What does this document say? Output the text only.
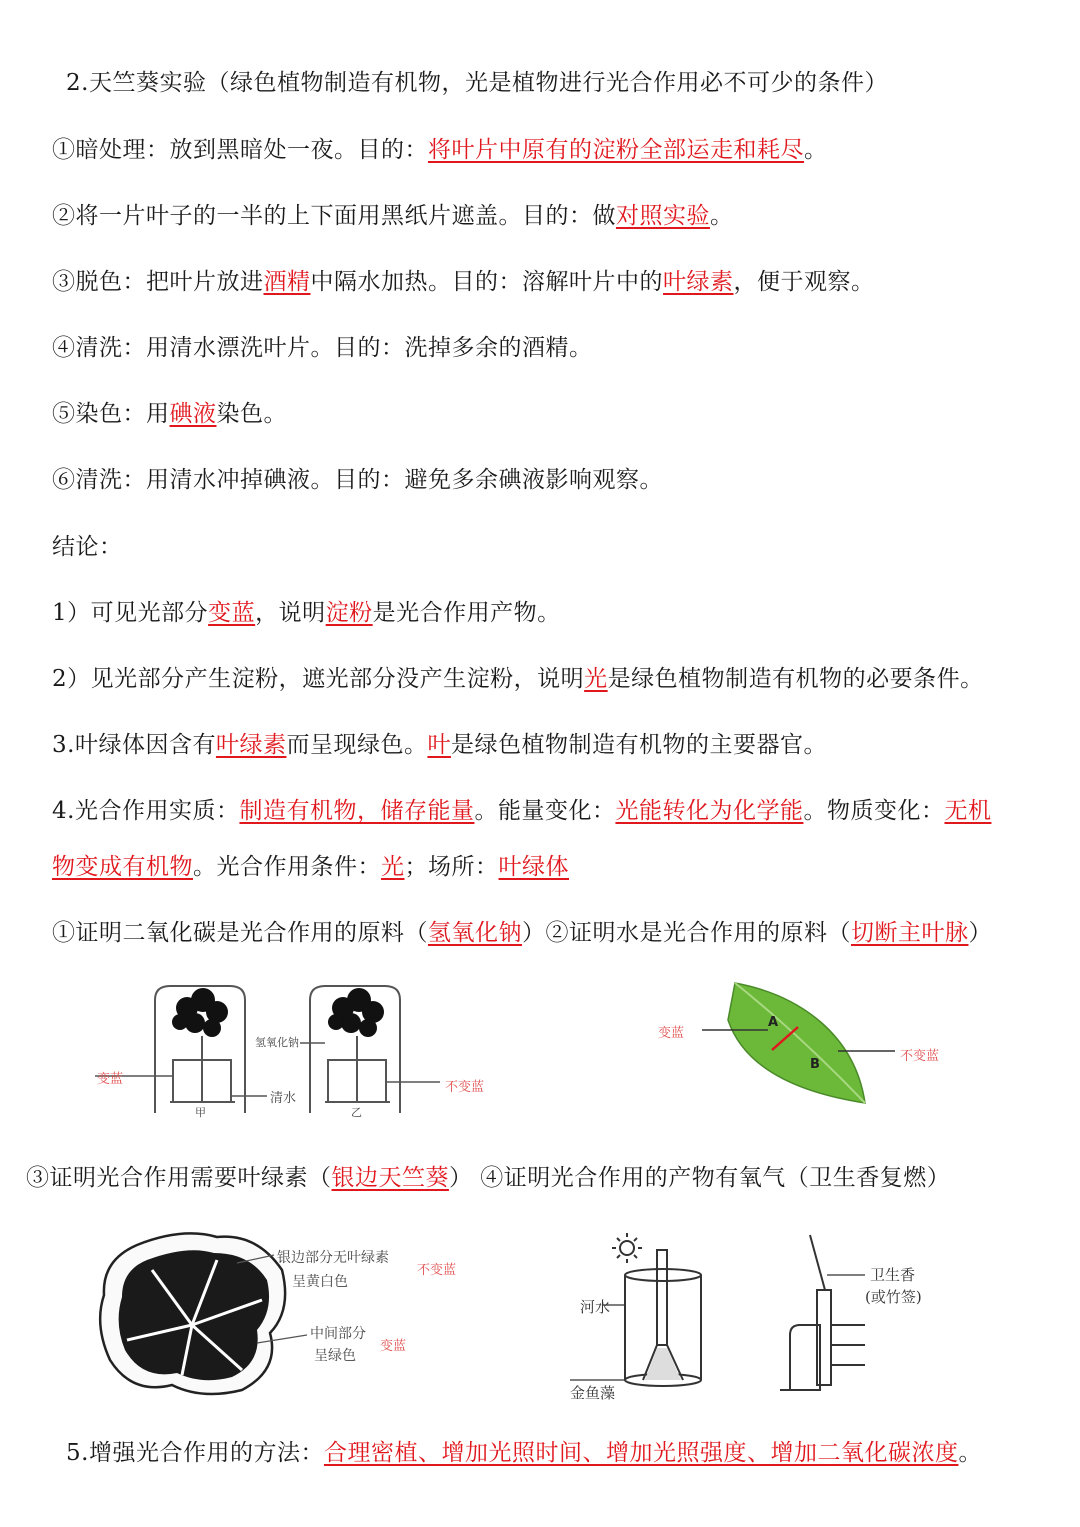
2.天竺葵实验（绿色植物制造有机物，光是植物进行光合作用必不可少的条件）
①暗处理：放到黑暗处一夜。目的：将叶片中原有的淀粉全部运走和耗尽。
②将一片叶子的一半的上下面用黑纸片遮盖。目的：做对照实验。
③脱色：把叶片放进酒精中隔水加热。目的：溶解叶片中的叶绿素，便于观察。
④清洗：用清水漂洗叶片。目的：洗掉多余的酒精。
⑤染色：用碘液染色。
⑥清洗：用清水冲掉碘液。目的：避免多余碘液影响观察。
结论：
1）可见光部分变蓝，说明淀粉是光合作用产物。
2）见光部分产生淀粉，遮光部分没产生淀粉，说明光是绿色植物制造有机物的必要条件。
3.叶绿体因含有叶绿素而呈现绿色。叶是绿色植物制造有机物的主要器官。
4.光合作用实质：制造有机物，储存能量。能量变化：光能转化为化学能。物质变化：无机
物变成有机物。光合作用条件：光；场所：叶绿体
①证明二氧化碳是光合作用的原料（氢氧化钠）②证明水是光合作用的原料（切断主叶脉）
变蓝
清水
氢氧化钠
不变蓝
甲	乙
变蓝
不变蓝
A
B
③证明光合作用需要叶绿素（银边天竺葵） ④证明光合作用的产物有氧气（卫生香复燃）
银边部分无叶绿素
呈黄白色
不变蓝
中间部分
呈绿色
变蓝
河水
金鱼藻
卫生香
(或竹签)
5.增强光合作用的方法：合理密植、增加光照时间、增加光照强度、增加二氧化碳浓度。
